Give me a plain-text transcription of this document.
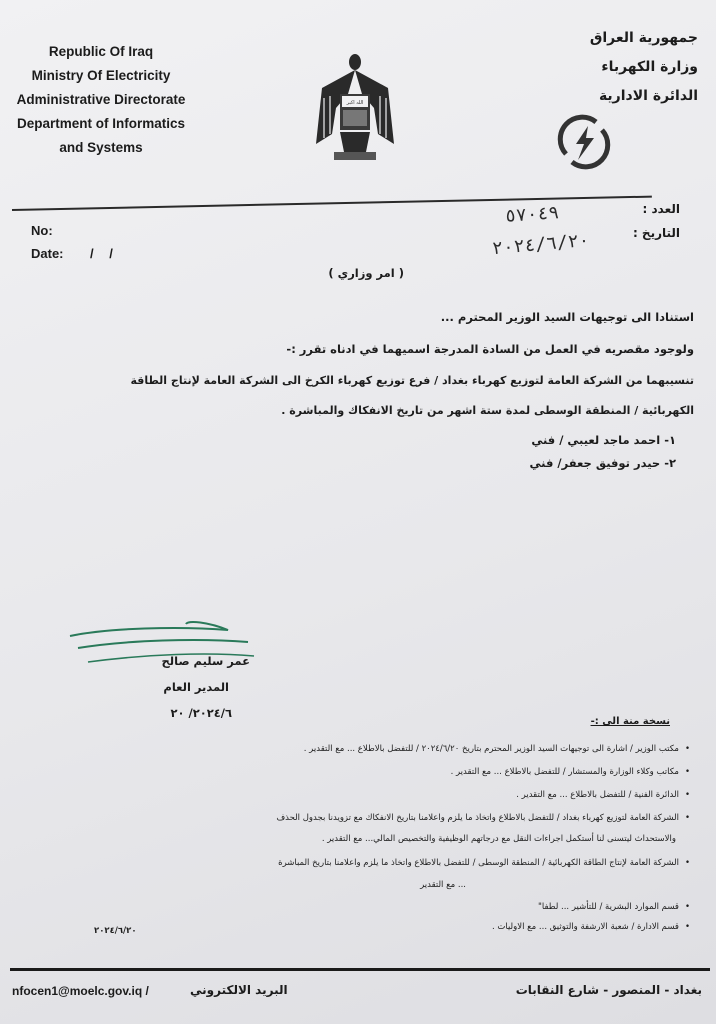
Republic Of Iraq
Ministry Of Electricity
Administrative Directorate
Department of Informatics
and Systems
الله اكبر
جمهورية العراق
وزارة الكهرباء
الدائرة الادارية
No:
Date: / /
العدد :
التاريخ :
٥٧٠٤٩
٢٠٢٤/٦/٢٠
( امر وزاري )
استنادا الى توجيهات السيد الوزير المحترم ...
ولوجود مقصريه في العمل من السادة المدرجة اسميهما في ادناه تقرر :-
تنسيبهما من الشركة العامة لتوزيع كهرباء بغداد / فرع توزيع كهرباء الكرخ الى الشركة العامة لإنتاج الطاقة
الكهربائية / المنطقة الوسطى لمدة ستة اشهر من تاريخ الانفكاك والمباشرة .
١- احمد ماجد لعيبي / فني
٢- حيدر توفيق جعفر/ فني
عمر سليم صالح
المدير العام
٢٠٢٤/٦/ ٢٠
نسخة منة الى :-
• مكتب الوزير / اشارة الى توجيهات السيد الوزير المحترم بتاريخ ٢٠٢٤/٦/٢٠ / للتفضل بالاطلاع ... مع التقدير .
• مكاتب وكلاء الوزارة والمستشار / للتفضل بالاطلاع ... مع التقدير .
• الدائرة الفنية / للتفضل بالاطلاع ... مع التقدير .
• الشركة العامة لتوزيع كهرباء بغداد / للتفضل بالاطلاع واتخاذ ما يلزم واعلامنا بتاريخ الانفكاك مع تزويدنا بجدول الحذف
والاستحداث ليتسنى لنا أستكمل اجراءات النقل مع درجاتهم الوظيفية والتخصيص المالي... مع التقدير .
• الشركة العامة لإنتاج الطاقة الكهربائية / المنطقة الوسطى / للتفضل بالاطلاع واتخاذ ما يلزم واعلامنا بتاريخ المباشرة
... مع التقدير
• قسم الموارد البشرية / للتأشير ... لطفا"
• قسم الادارة / شعبة الارشفة والتوثيق ... مع الاوليات .
٢٠٢٤/٦/٢٠
nfocen1@moelc.gov.iq /	البريد الالكتروني	بغداد - المنصور - شارع النقابات
